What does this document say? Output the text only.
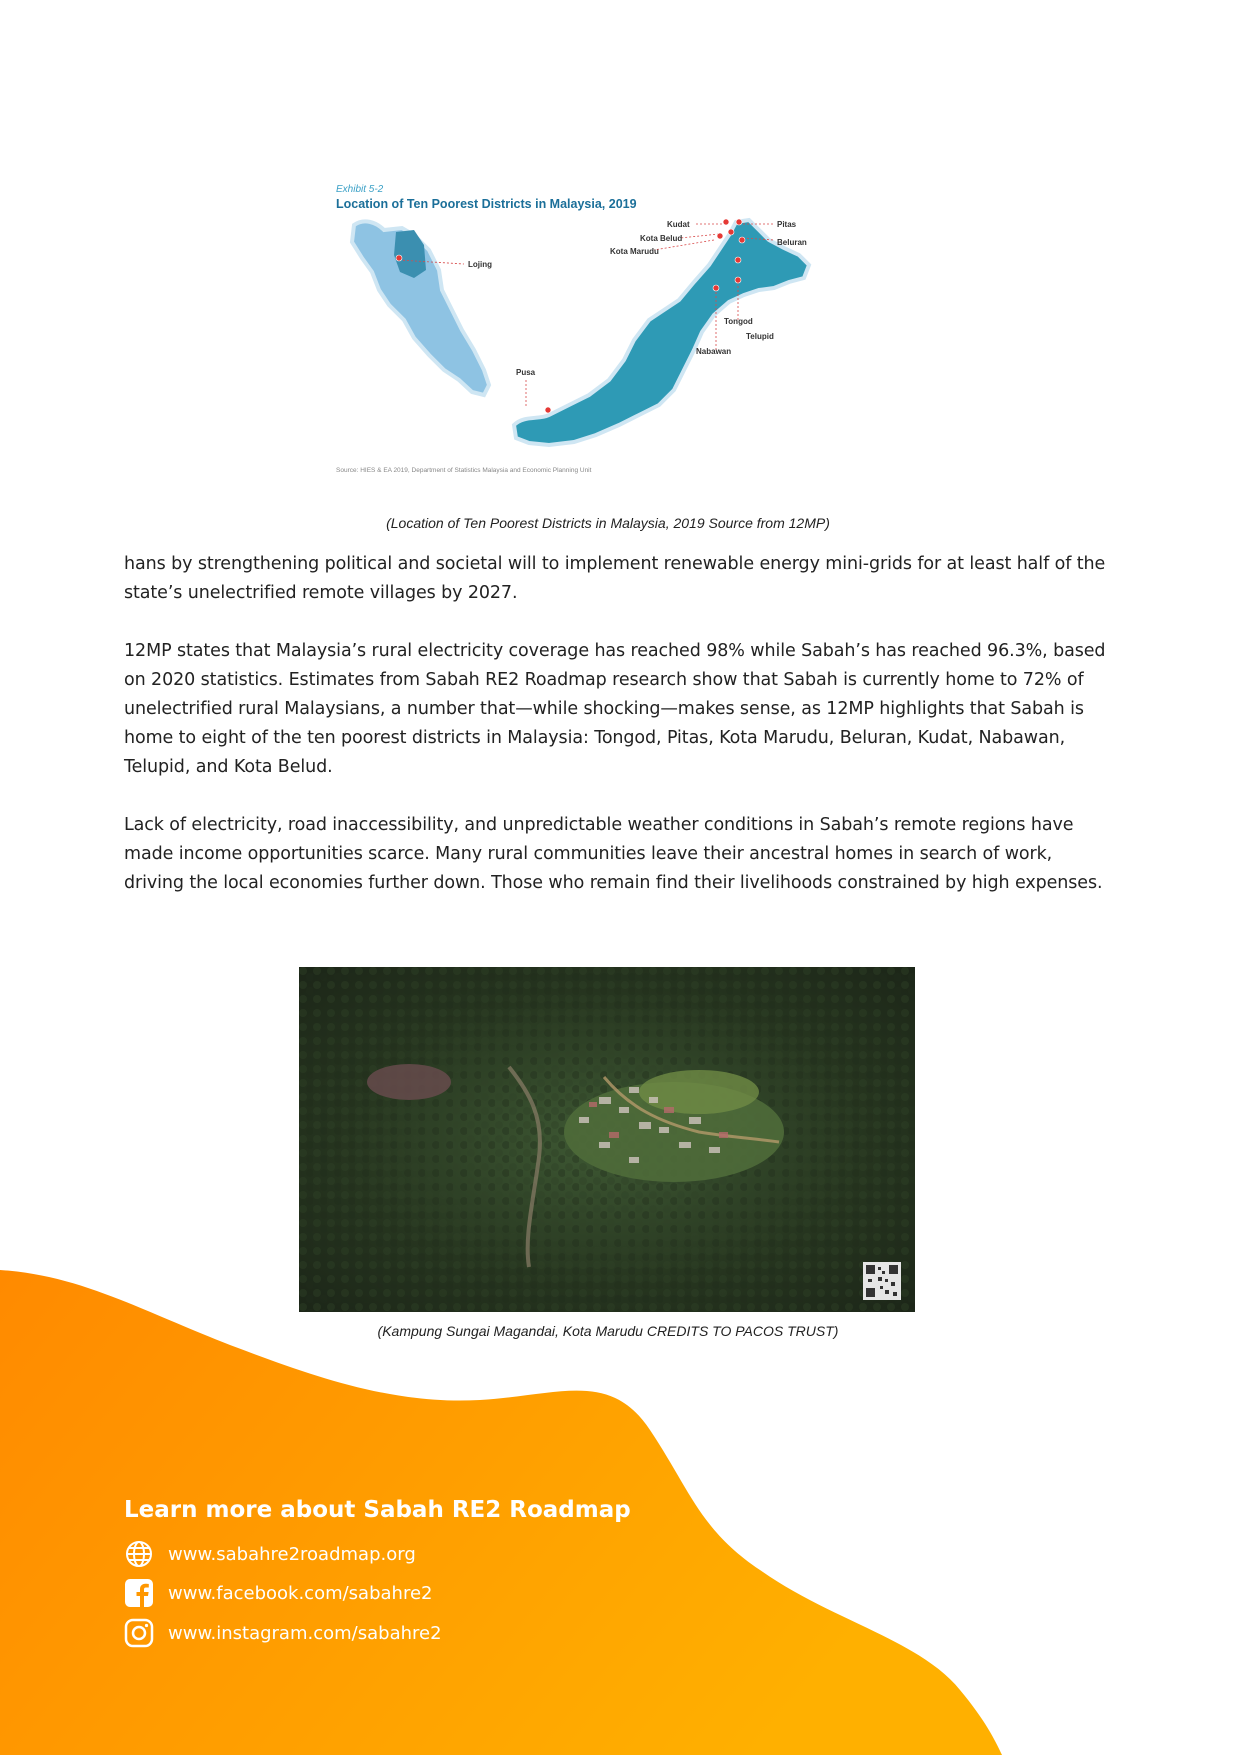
Exhibit 5-2
Location of Ten Poorest Districts in Malaysia, 2019
Lojing
Kudat
Kota Belud
Kota Marudu
Pitas
Beluran
Tongod
Telupid
Nabawan
Pusa
Source: HIES & EA 2019, Department of Statistics Malaysia and Economic Planning Unit
(Location of Ten Poorest Districts in Malaysia, 2019 Source from 12MP)

hans by strengthening political and societal will to implement renewable energy mini-grids for at least half of the state’s unelectrified remote villages by 2027.

12MP states that Malaysia’s rural electricity coverage has reached 98% while Sabah’s has reached 96.3%, based on 2020 statistics. Estimates from Sabah RE2 Roadmap research show that Sabah is currently home to 72% of unelectrified rural Malaysians, a number that—while shocking—makes sense, as 12MP highlights that Sabah is home to eight of the ten poorest districts in Malaysia: Tongod, Pitas, Kota Marudu, Beluran, Kudat, Nabawan, Telupid, and Kota Belud.

Lack of electricity, road inaccessibility, and unpredictable weather conditions in Sabah’s remote regions have made income opportunities scarce. Many rural communities leave their ancestral homes in search of work, driving the local economies further down. Those who remain find their livelihoods constrained by high expenses.

(Kampung Sungai Magandai, Kota Marudu CREDITS TO PACOS TRUST)
Learn more about Sabah RE2 Roadmap
www.sabahre2roadmap.org
www.facebook.com/sabahre2
www.instagram.com/sabahre2
